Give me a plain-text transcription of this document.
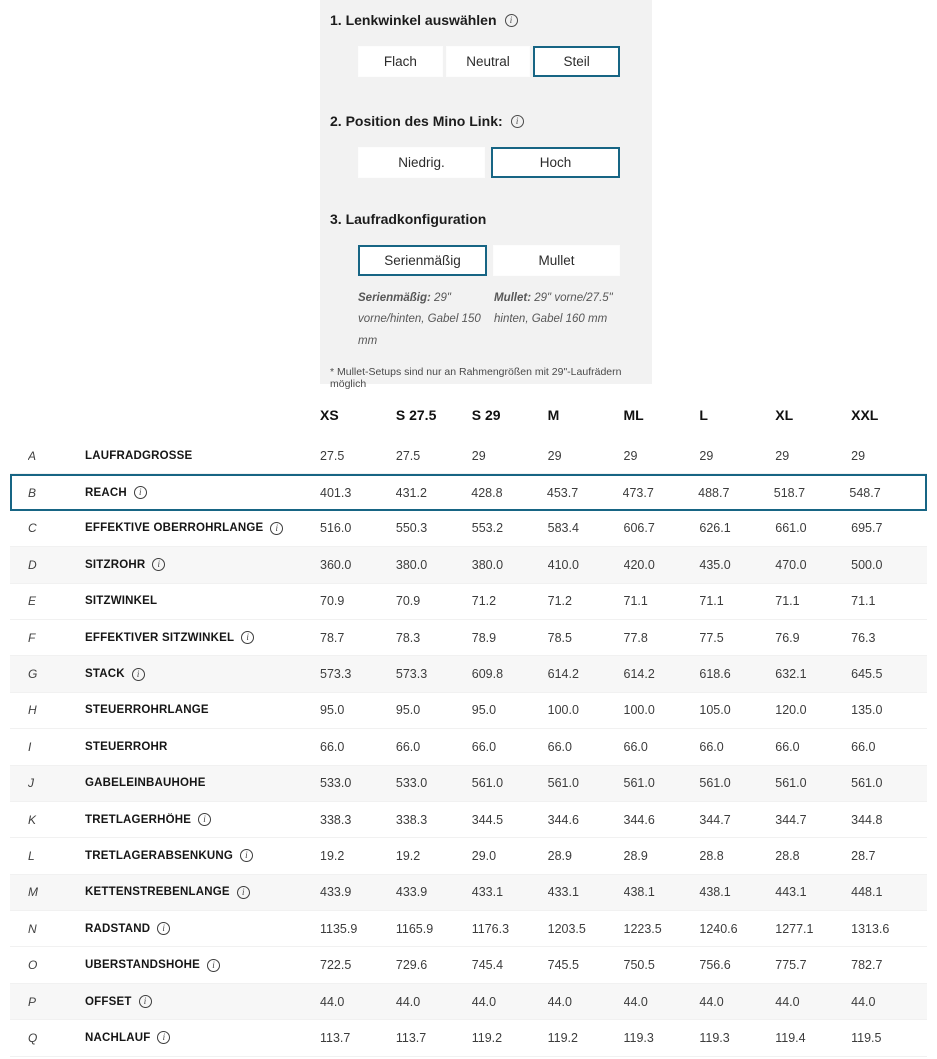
1. Lenkwinkel auswählen	i
Flach	Neutral	Steil
2. Position des Mino Link:	i
Niedrig.	Hoch
3. Laufradkonfiguration
Serienmäßig	Mullet
Serienmäßig: 29" vorne/hinten, Gabel 150 mm
Mullet: 29" vorne/27.5" hinten, Gabel 160 mm
* Mullet-Setups sind nur an Rahmengrößen mit 29"-Laufrädern möglich
XS	S 27.5	S 29	M	ML	L	XL	XXL
A	LAUFRADGRÖSSE	27.5	27.5	29	29	29	29	29	29
B	REACH	i	401.3	431.2	428.8	453.7	473.7	488.7	518.7	548.7
C	EFFEKTIVE OBERROHRLÄNGE	i	516.0	550.3	553.2	583.4	606.7	626.1	661.0	695.7
D	SITZROHR	i	360.0	380.0	380.0	410.0	420.0	435.0	470.0	500.0
E	SITZWINKEL	70.9	70.9	71.2	71.2	71.1	71.1	71.1	71.1
F	EFFEKTIVER SITZWINKEL	i	78.7	78.3	78.9	78.5	77.8	77.5	76.9	76.3
G	STACK	i	573.3	573.3	609.8	614.2	614.2	618.6	632.1	645.5
H	STEUERROHRLÄNGE	95.0	95.0	95.0	100.0	100.0	105.0	120.0	135.0
I	STEUERROHR	66.0	66.0	66.0	66.0	66.0	66.0	66.0	66.0
J	GABELEINBAUHÖHE	533.0	533.0	561.0	561.0	561.0	561.0	561.0	561.0
K	TRETLAGERHÖHE	i	338.3	338.3	344.5	344.6	344.6	344.7	344.7	344.8
L	TRETLAGERABSENKUNG	i	19.2	19.2	29.0	28.9	28.9	28.8	28.8	28.7
M	KETTENSTREBENLÄNGE	i	433.9	433.9	433.1	433.1	438.1	438.1	443.1	448.1
N	RADSTAND	i	1135.9	1165.9	1176.3	1203.5	1223.5	1240.6	1277.1	1313.6
O	ÜBERSTANDSHÖHE	i	722.5	729.6	745.4	745.5	750.5	756.6	775.7	782.7
P	OFFSET	i	44.0	44.0	44.0	44.0	44.0	44.0	44.0	44.0
Q	NACHLAUF	i	113.7	113.7	119.2	119.2	119.3	119.3	119.4	119.5
